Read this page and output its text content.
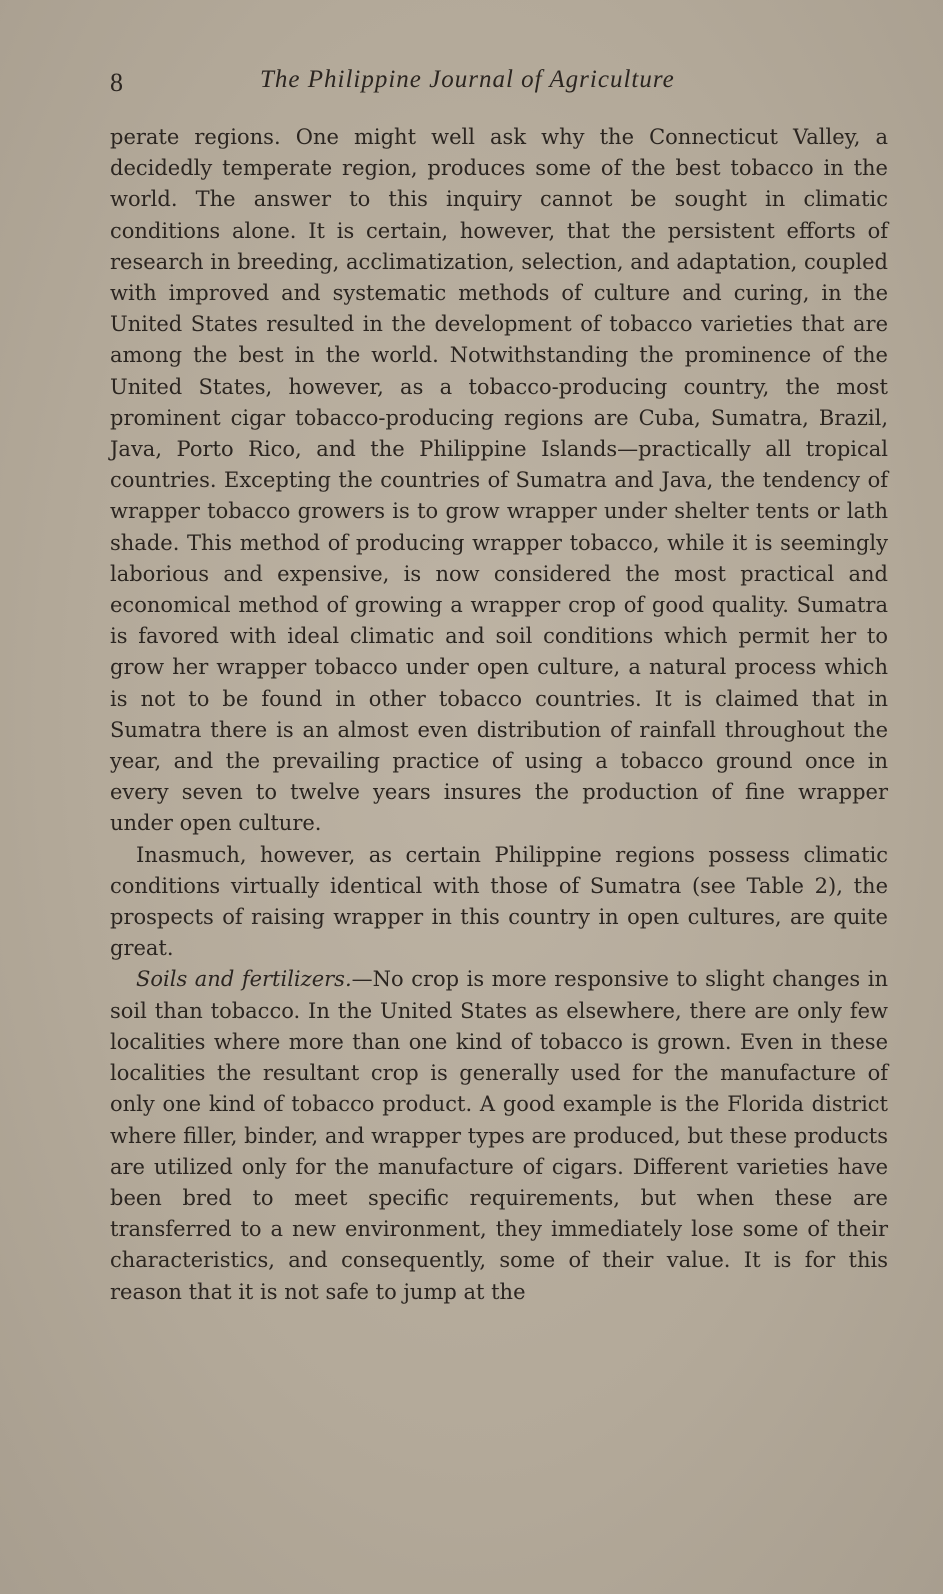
8	The Philippine Journal of Agriculture

perate regions. One might well ask why the Connecticut Valley, a decidedly temperate region, produces some of the best tobacco in the world. The answer to this inquiry cannot be sought in climatic conditions alone. It is certain, however, that the persistent efforts of research in breeding, acclimatization, selection, and adaptation, coupled with improved and systematic methods of culture and curing, in the United States resulted in the development of tobacco varieties that are among the best in the world. Notwithstanding the prominence of the United States, however, as a tobacco-producing country, the most prominent cigar tobacco-producing regions are Cuba, Sumatra, Brazil, Java, Porto Rico, and the Philippine Islands—practically all tropical countries. Excepting the countries of Sumatra and Java, the tendency of wrapper tobacco growers is to grow wrapper under shelter tents or lath shade. This method of producing wrapper tobacco, while it is seemingly laborious and expensive, is now considered the most practical and economical method of growing a wrapper crop of good quality. Sumatra is favored with ideal climatic and soil conditions which permit her to grow her wrapper tobacco under open culture, a natural process which is not to be found in other tobacco countries. It is claimed that in Sumatra there is an almost even distribution of rainfall throughout the year, and the prevailing practice of using a tobacco ground once in every seven to twelve years insures the production of fine wrapper under open culture.

Inasmuch, however, as certain Philippine regions possess climatic conditions virtually identical with those of Sumatra (see Table 2), the prospects of raising wrapper in this country in open cultures, are quite great.

Soils and fertilizers.—No crop is more responsive to slight changes in soil than tobacco. In the United States as elsewhere, there are only few localities where more than one kind of tobacco is grown. Even in these localities the resultant crop is generally used for the manufacture of only one kind of tobacco product. A good example is the Florida district where filler, binder, and wrapper types are produced, but these products are utilized only for the manufacture of cigars. Different varieties have been bred to meet specific requirements, but when these are transferred to a new environment, they immediately lose some of their characteristics, and consequently, some of their value. It is for this reason that it is not safe to jump at the
